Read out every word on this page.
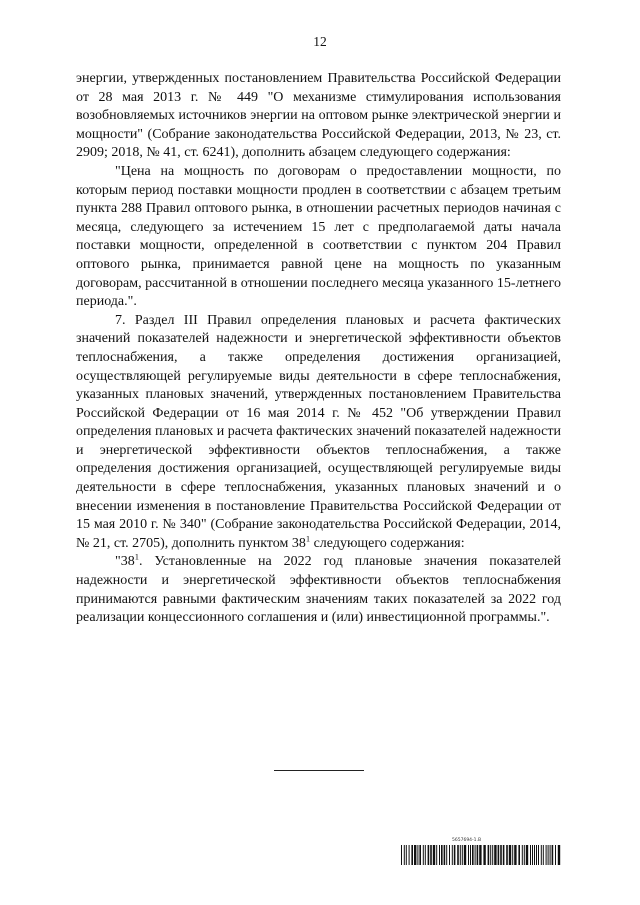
12

энергии, утвержденных постановлением Правительства Российской Федерации от 28 мая 2013 г. № 449 "О механизме стимулирования использования возобновляемых источников энергии на оптовом рынке электрической энергии и мощности" (Собрание законодательства Российской Федерации, 2013, № 23, ст. 2909; 2018, № 41, ст. 6241), дополнить абзацем следующего содержания:

"Цена на мощность по договорам о предоставлении мощности, по которым период поставки мощности продлен в соответствии с абзацем третьим пункта 288 Правил оптового рынка, в отношении расчетных периодов начиная с месяца, следующего за истечением 15 лет с предполагаемой даты начала поставки мощности, определенной в соответствии с пунктом 204 Правил оптового рынка, принимается равной цене на мощность по указанным договорам, рассчитанной в отношении последнего месяца указанного 15-летнего периода.".

7. Раздел III Правил определения плановых и расчета фактических значений показателей надежности и энергетической эффективности объектов теплоснабжения, а также определения достижения организацией, осуществляющей регулируемые виды деятельности в сфере теплоснабжения, указанных плановых значений, утвержденных постановлением Правительства Российской Федерации от 16 мая 2014 г. № 452 "Об утверждении Правил определения плановых и расчета фактических значений показателей надежности и энергетической эффективности объектов теплоснабжения, а также определения достижения организацией, осуществляющей регулируемые виды деятельности в сфере теплоснабжения, указанных плановых значений и о внесении изменения в постановление Правительства Российской Федерации от 15 мая 2010 г. № 340" (Собрание законодательства Российской Федерации, 2014, № 21, ст. 2705), дополнить пунктом $38^1$ следующего содержания:

"$38^1$. Установленные на 2022 год плановые значения показателей надежности и энергетической эффективности объектов теплоснабжения принимаются равными фактическим значениям таких показателей за 2022 год реализации концессионного соглашения и (или) инвестиционной программы.".

5657694-1.В
